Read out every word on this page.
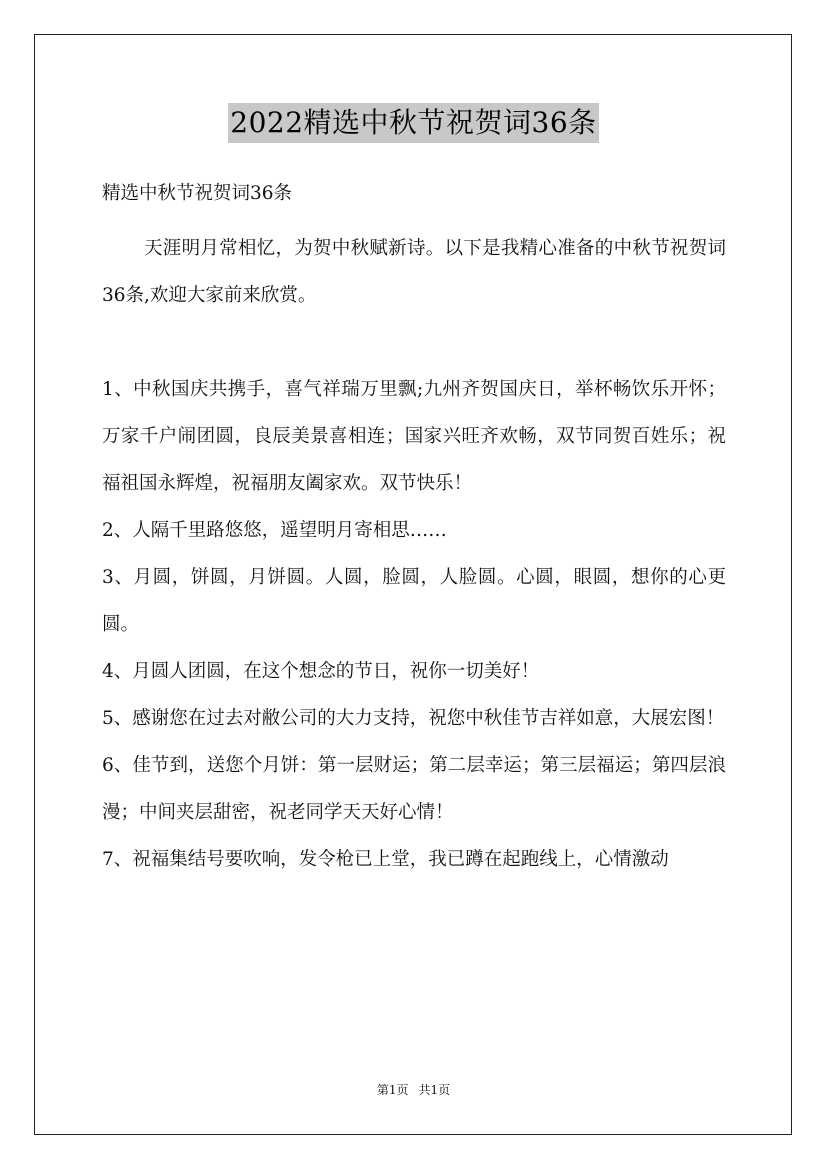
2022精选中秋节祝贺词36条

精选中秋节祝贺词36条

天涯明月常相忆，为贺中秋赋新诗。以下是我精心准备的中秋节祝贺词36条,欢迎大家前来欣赏。

1、中秋国庆共携手，喜气祥瑞万里飘;九州齐贺国庆日，举杯畅饮乐开怀；万家千户闹团圆，良辰美景喜相连；国家兴旺齐欢畅，双节同贺百姓乐；祝福祖国永辉煌，祝福朋友阖家欢。双节快乐！

2、人隔千里路悠悠，遥望明月寄相思……

3、月圆，饼圆，月饼圆。人圆，脸圆，人脸圆。心圆，眼圆，想你的心更圆。

4、月圆人团圆，在这个想念的节日，祝你一切美好！

5、感谢您在过去对敝公司的大力支持，祝您中秋佳节吉祥如意，大展宏图！

6、佳节到，送您个月饼：第一层财运；第二层幸运；第三层福运；第四层浪漫；中间夹层甜密，祝老同学天天好心情！

7、祝福集结号要吹响，发令枪已上堂，我已蹲在起跑线上，心情激动

第1页 共1页
